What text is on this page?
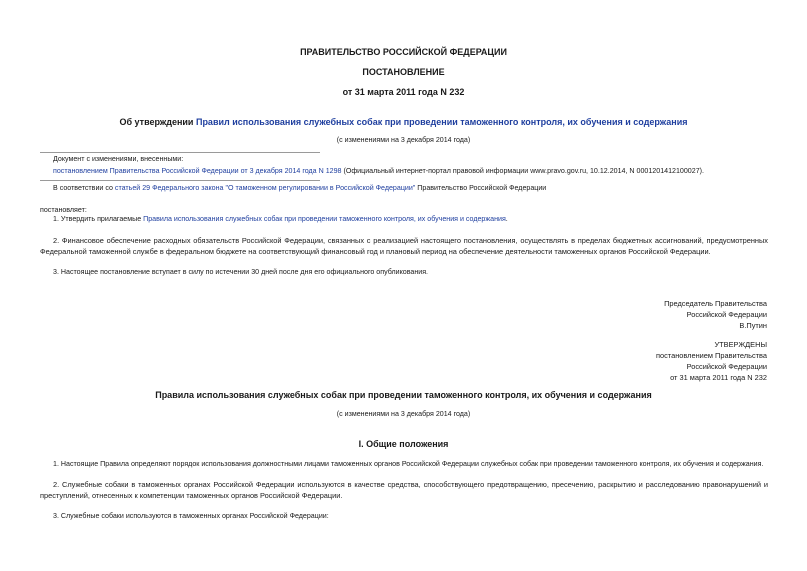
ПРАВИТЕЛЬСТВО РОССИЙСКОЙ ФЕДЕРАЦИИ
ПОСТАНОВЛЕНИЕ
от 31 марта 2011 года N 232
Об утверждении Правил использования служебных собак при проведении таможенного контроля, их обучения и содержания
(с изменениями на 3 декабря 2014 года)
Документ с изменениями, внесенными:
постановлением Правительства Российской Федерации от 3 декабря 2014 года N 1298 (Официальный интернет-портал правовой информации www.pravo.gov.ru, 10.12.2014, N 0001201412100027).
В соответствии со статьей 29 Федерального закона "О таможенном регулировании в Российской Федерации" Правительство Российской Федерации
постановляет:
1. Утвердить прилагаемые Правила использования служебных собак при проведении таможенного контроля, их обучения и содержания.
2. Финансовое обеспечение расходных обязательств Российской Федерации, связанных с реализацией настоящего постановления, осуществлять в пределах бюджетных ассигнований, предусмотренных Федеральной таможенной службе в федеральном бюджете на соответствующий финансовый год и плановый период на обеспечение деятельности таможенных органов Российской Федерации.
3. Настоящее постановление вступает в силу по истечении 30 дней после дня его официального опубликования.
Председатель Правительства
Российской Федерации
В.Путин
УТВЕРЖДЕНЫ
постановлением Правительства
Российской Федерации
от 31 марта 2011 года N 232
Правила использования служебных собак при проведении таможенного контроля, их обучения и содержания
(с изменениями на 3 декабря 2014 года)
I. Общие положения
1. Настоящие Правила определяют порядок использования должностными лицами таможенных органов Российской Федерации служебных собак при проведении таможенного контроля, их обучения и содержания.
2. Служебные собаки в таможенных органах Российской Федерации используются в качестве средства, способствующего предотвращению, пресечению, раскрытию и расследованию правонарушений и преступлений, отнесенных к компетенции таможенных органов Российской Федерации.
3. Служебные собаки используются в таможенных органах Российской Федерации:
